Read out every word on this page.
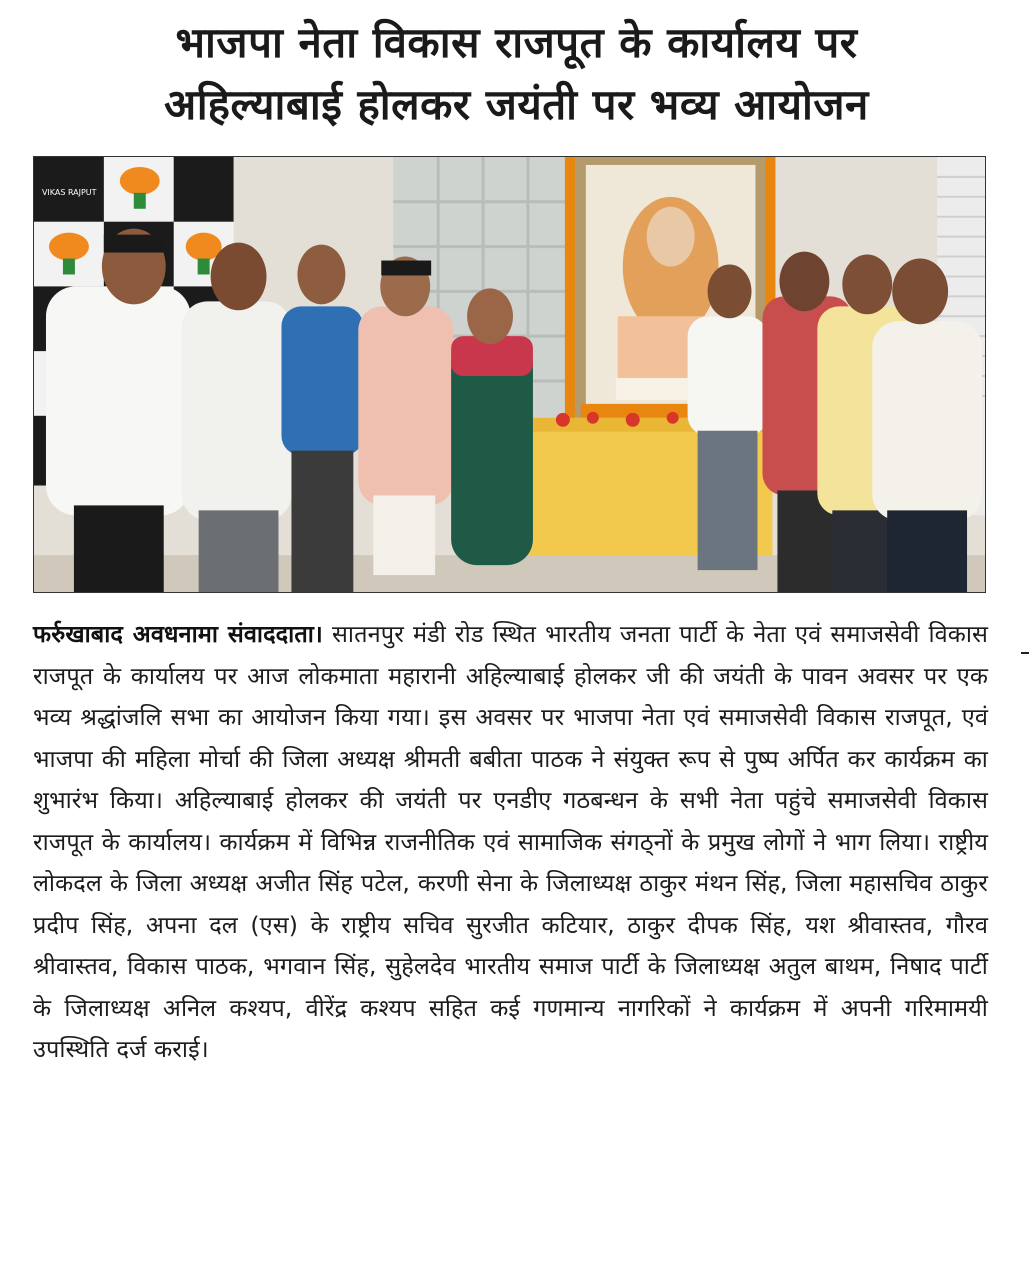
भाजपा नेता विकास राजपूत के कार्यालय पर
अहिल्याबाई होलकर जयंती पर भव्य आयोजन
VIKAS RAJPUT
फर्रुखाबाद अवधनामा संवाददाता। सातनपुर मंडी रोड स्थित भारतीय जनता पार्टी के नेता एवं समाजसेवी विकास राजपूत के कार्यालय पर आज लोकमाता महारानी अहिल्याबाई होलकर जी की जयंती के पावन अवसर पर एक भव्य श्रद्धांजलि सभा का आयोजन किया गया। इस अवसर पर भाजपा नेता एवं समाजसेवी विकास राजपूत, एवं भाजपा की महिला मोर्चा की जिला अध्यक्ष श्रीमती बबीता पाठक ने संयुक्त रूप से पुष्प अर्पित कर कार्यक्रम का शुभारंभ किया। अहिल्याबाई होलकर की जयंती पर एनडीए गठबन्धन के सभी नेता पहुंचे समाजसेवी विकास राजपूत के कार्यालय। कार्यक्रम में विभिन्न राजनीतिक एवं सामाजिक संगठ्नों के प्रमुख लोगों ने भाग लिया। राष्ट्रीय लोकदल के जिला अध्यक्ष अजीत सिंह पटेल, करणी सेना के जिलाध्यक्ष ठाकुर मंथन सिंह, जिला महासचिव ठाकुर प्रदीप सिंह, अपना दल (एस) के राष्ट्रीय सचिव सुरजीत कटियार, ठाकुर दीपक सिंह, यश श्रीवास्तव, गौरव श्रीवास्तव, विकास पाठक, भगवान सिंह, सुहेलदेव भारतीय समाज पार्टी के जिलाध्यक्ष अतुल बाथम, निषाद पार्टी के जिलाध्यक्ष अनिल कश्यप, वीरेंद्र कश्यप सहित कई गणमान्य नागरिकों ने कार्यक्रम में अपनी गरिमामयी उपस्थिति दर्ज कराई।
